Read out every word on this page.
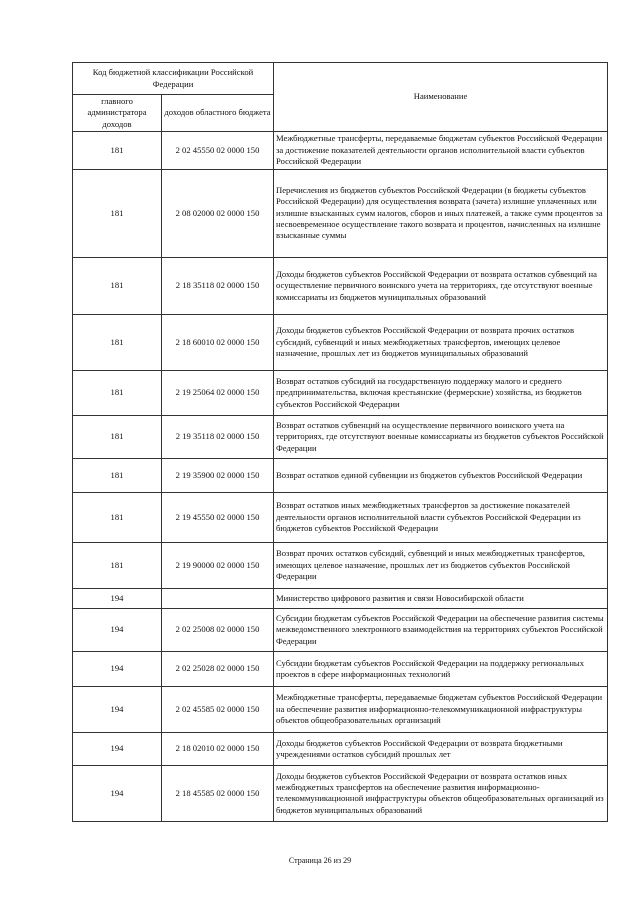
Код бюджетной классификации Российской Федерации		Наименование
главного администратора доходов	доходов областного бюджета	
181	2 02 45550 02 0000 150	Межбюджетные трансферты, передаваемые бюджетам субъектов Российской Федерации за достижение показателей деятельности органов исполнительной власти субъектов Российской Федерации
181	2 08 02000 02 0000 150	Перечисления из бюджетов субъектов Российской Федерации (в бюджеты субъектов Российской Федерации) для осуществления возврата (зачета) излишне уплаченных или излишне взысканных сумм налогов, сборов и иных платежей, а также сумм процентов за несвоевременное осуществление такого возврата и процентов, начисленных на излишне взысканные суммы
181	2 18 35118 02 0000 150	Доходы бюджетов субъектов Российской Федерации от возврата остатков субвенций на осуществление первичного воинского учета на территориях, где отсутствуют военные комиссариаты из бюджетов муниципальных образований
181	2 18 60010 02 0000 150	Доходы бюджетов субъектов Российской Федерации от возврата прочих остатков субсидий, субвенций и иных межбюджетных трансфертов, имеющих целевое назначение, прошлых лет из бюджетов муниципальных образований
181	2 19 25064 02 0000 150	Возврат остатков субсидий на государственную поддержку малого и среднего предпринимательства, включая крестьянские (фермерские) хозяйства, из бюджетов субъектов Российской Федерации
181	2 19 35118 02 0000 150	Возврат остатков субвенций на осуществление первичного воинского учета на территориях, где отсутствуют военные комиссариаты из бюджетов субъектов Российской Федерации
181	2 19 35900 02 0000 150	Возврат остатков единой субвенции из бюджетов субъектов Российской Федерации
181	2 19 45550 02 0000 150	Возврат остатков иных межбюджетных трансфертов за достижение показателей деятельности органов исполнительной власти субъектов Российской Федерации из бюджетов субъектов Российской Федерации
181	2 19 90000 02 0000 150	Возврат прочих остатков субсидий, субвенций и иных межбюджетных трансфертов, имеющих целевое назначение, прошлых лет из бюджетов субъектов Российской Федерации
194		Министерство цифрового развития и связи Новосибирской области
194	2 02 25008 02 0000 150	Субсидии бюджетам субъектов Российской Федерации на обеспечение развития системы межведомственного электронного взаимодействия на территориях субъектов Российской Федерации
194	2 02 25028 02 0000 150	Субсидии бюджетам субъектов Российской Федерации на поддержку региональных проектов в сфере информационных технологий
194	2 02 45585 02 0000 150	Межбюджетные трансферты, передаваемые бюджетам субъектов Российской Федерации на обеспечение развития информационно-телекоммуникационной инфраструктуры объектов общеобразовательных организаций
194	2 18 02010 02 0000 150	Доходы бюджетов субъектов Российской Федерации от возврата бюджетными учреждениями остатков субсидий прошлых лет
194	2 18 45585 02 0000 150	Доходы бюджетов субъектов Российской Федерации от возврата остатков иных межбюджетных трансфертов на обеспечение развития информационно-телекоммуникационной инфраструктуры объектов общеобразовательных организаций из бюджетов муниципальных образований
Страница 26 из 29
